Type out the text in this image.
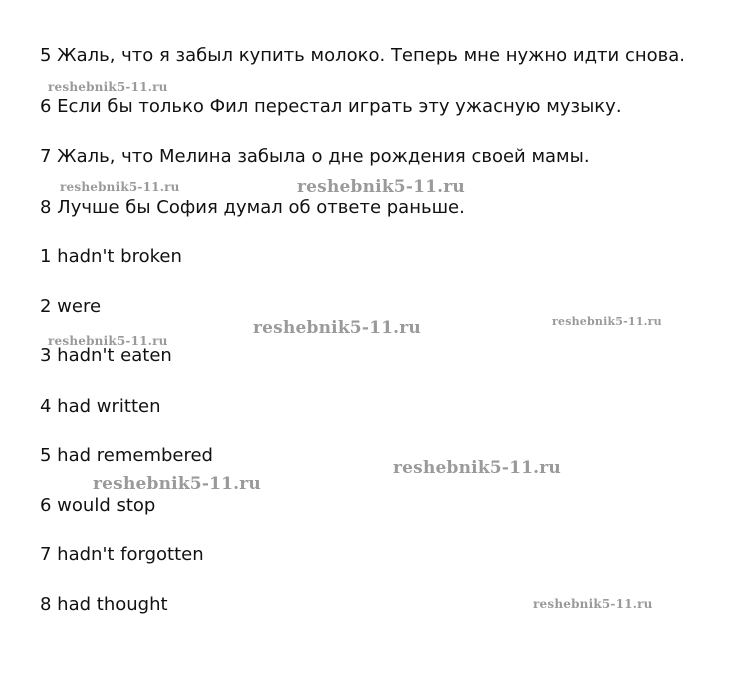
5 Жаль, что я забыл купить молоко. Теперь мне нужно идти снова.
6 Если бы только Фил перестал играть эту ужасную музыку.
7 Жаль, что Мелина забыла о дне рождения своей мамы.
8 Лучше бы София думал об ответе раньше.
1 hadn't broken
2 were
3 hadn't eaten
4 had written
5 had remembered
6 would stop
7 hadn't forgotten
8 had thought
reshebnik5-11.ru
reshebnik5-11.ru	reshebnik5-11.ru
reshebnik5-11.ru
reshebnik5-11.ru	reshebnik5-11.ru
reshebnik5-11.ru
reshebnik5-11.ru
reshebnik5-11.ru
